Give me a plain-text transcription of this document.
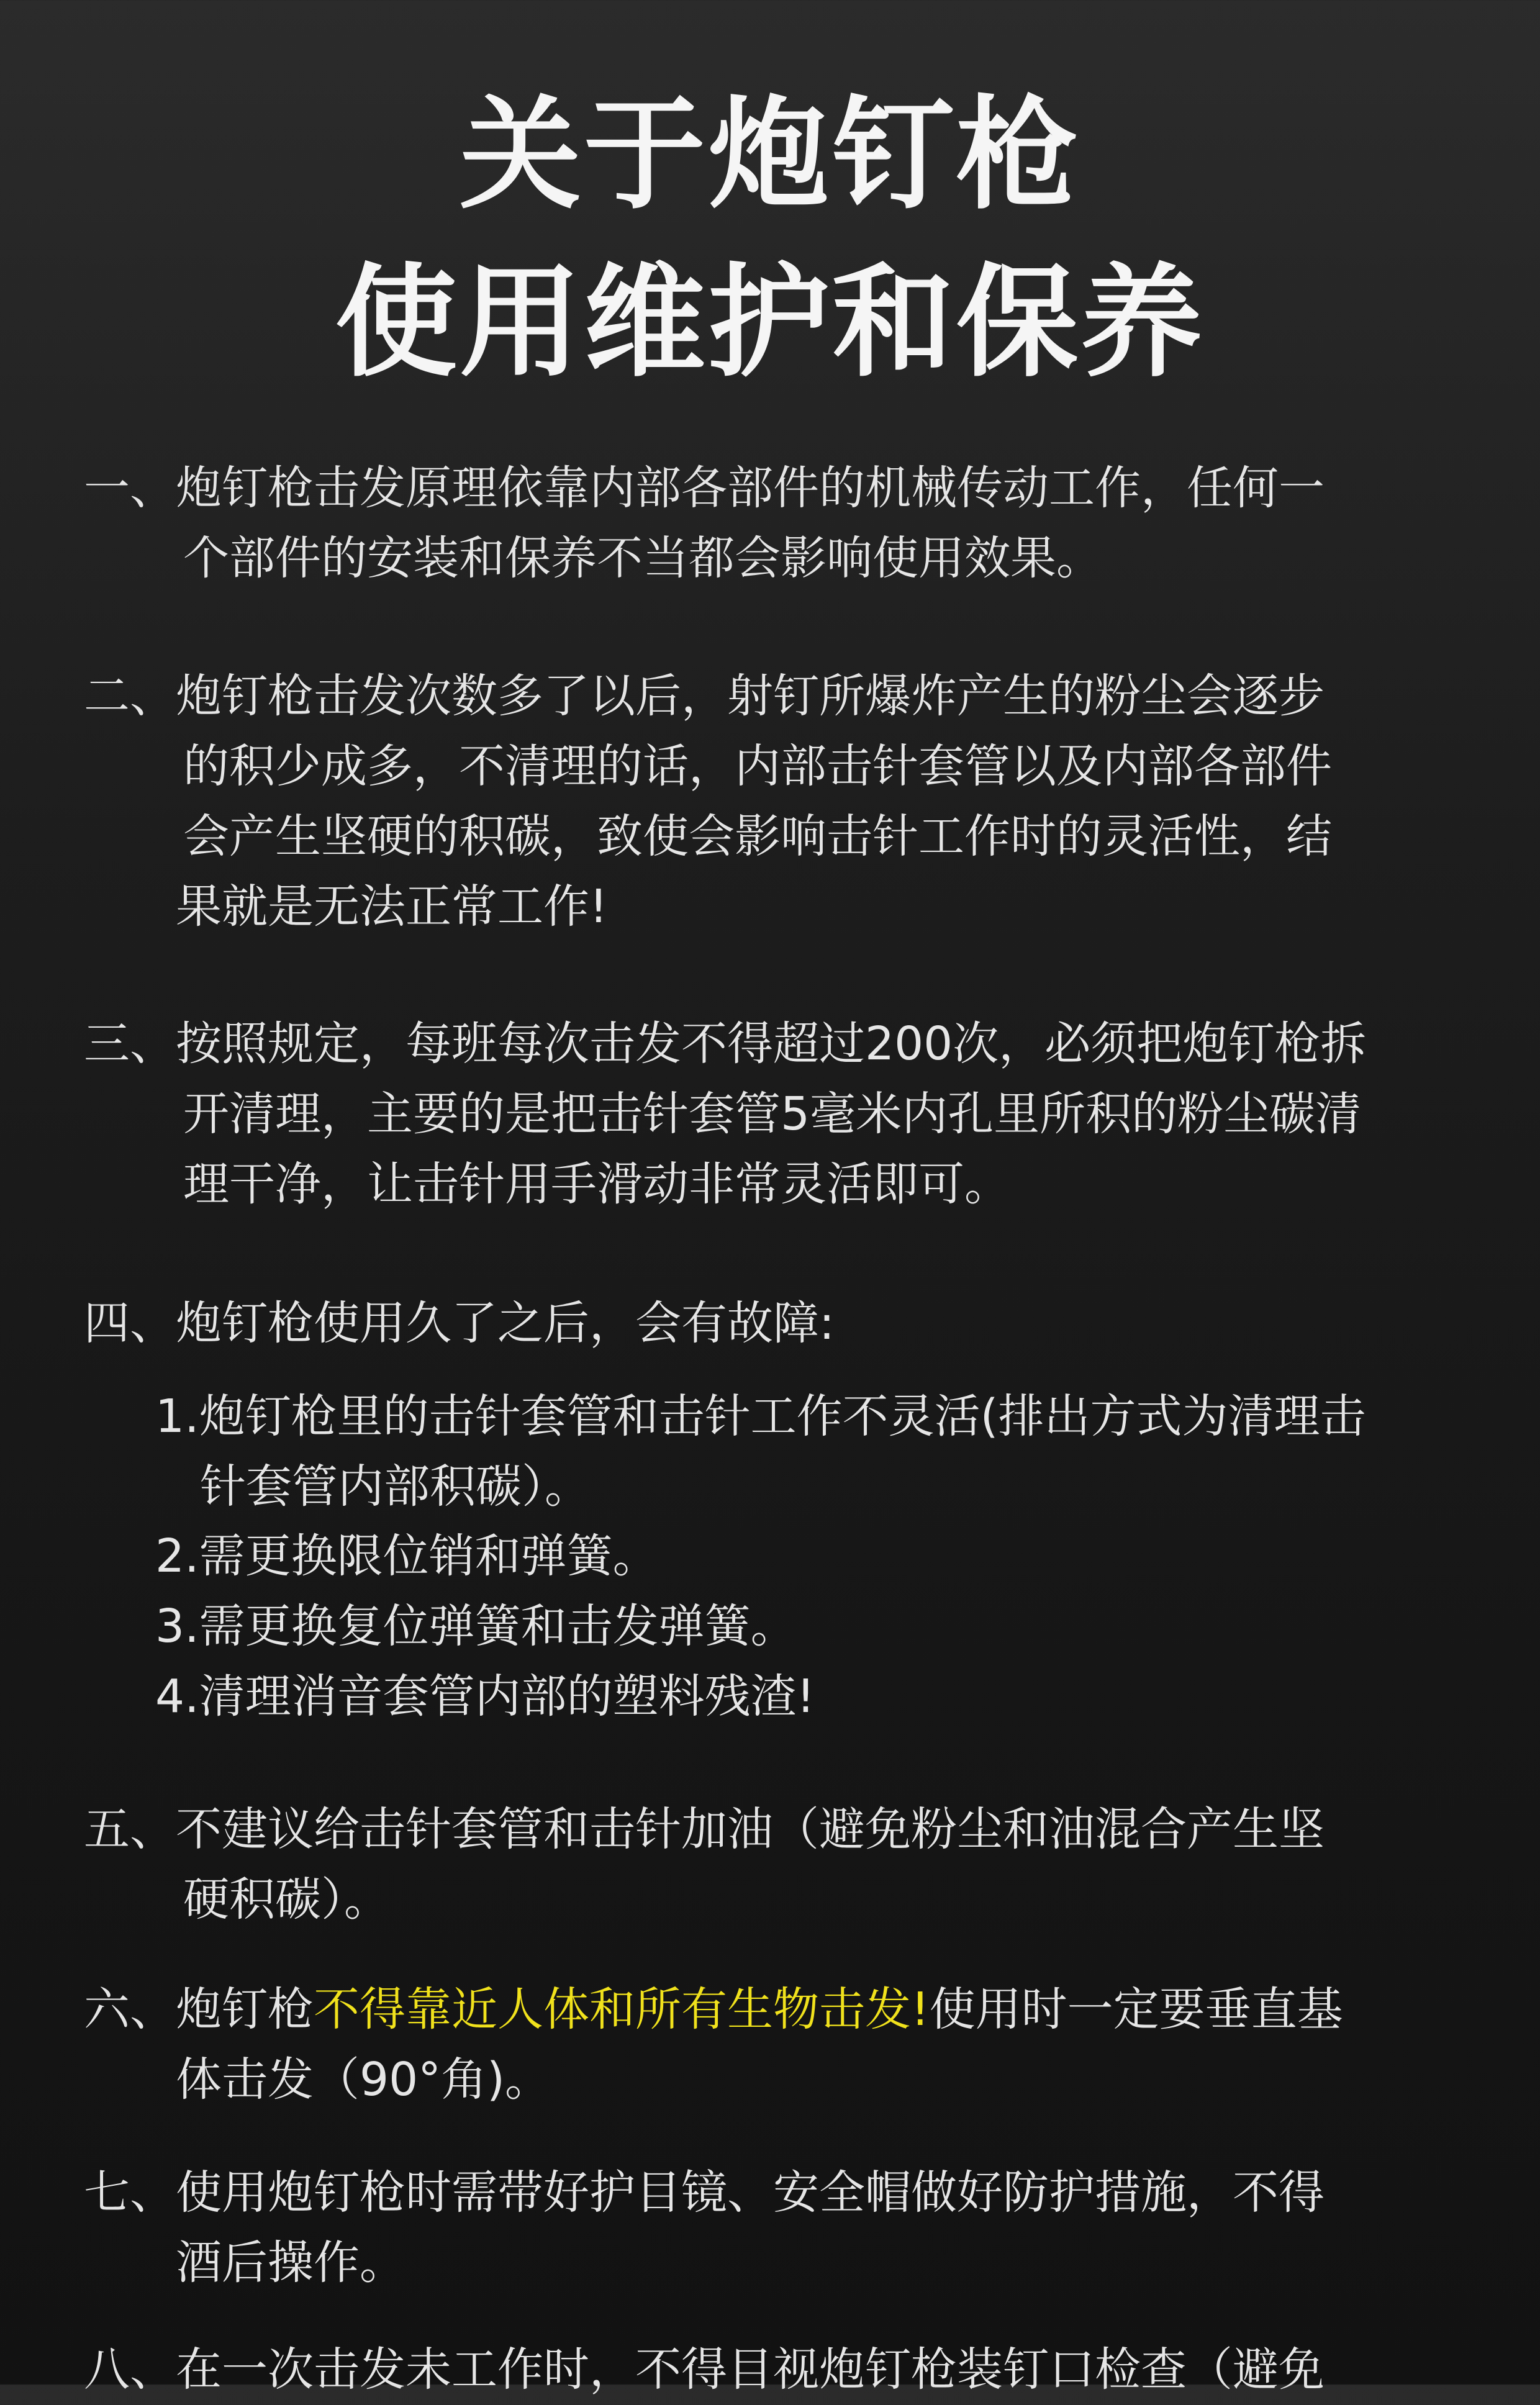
关于炮钉枪
使用维护和保养
一、炮钉枪击发原理依靠内部各部件的机械传动工作，任何一
个部件的安装和保养不当都会影响使用效果。
二、炮钉枪击发次数多了以后，射钉所爆炸产生的粉尘会逐步
的积少成多，不清理的话，内部击针套管以及内部各部件
会产生坚硬的积碳，致使会影响击针工作时的灵活性，结
果就是无法正常工作!
三、按照规定，每班每次击发不得超过200次，必须把炮钉枪拆
开清理，主要的是把击针套管5毫米内孔里所积的粉尘碳清
理干净，让击针用手滑动非常灵活即可。
四、炮钉枪使用久了之后，会有故障:
1.炮钉枪里的击针套管和击针工作不灵活(排出方式为清理击
针套管内部积碳）。
2.需更换限位销和弹簧。
3.需更换复位弹簧和击发弹簧。
4.清理消音套管内部的塑料残渣!
五、不建议给击针套管和击针加油（避免粉尘和油混合产生坚
硬积碳）。
六、炮钉枪不得靠近人体和所有生物击发!使用时一定要垂直基
体击发（90°角)。
七、使用炮钉枪时需带好护目镜、安全帽做好防护措施，不得
酒后操作。
八、在一次击发未工作时，不得目视炮钉枪装钉口检查（避免
